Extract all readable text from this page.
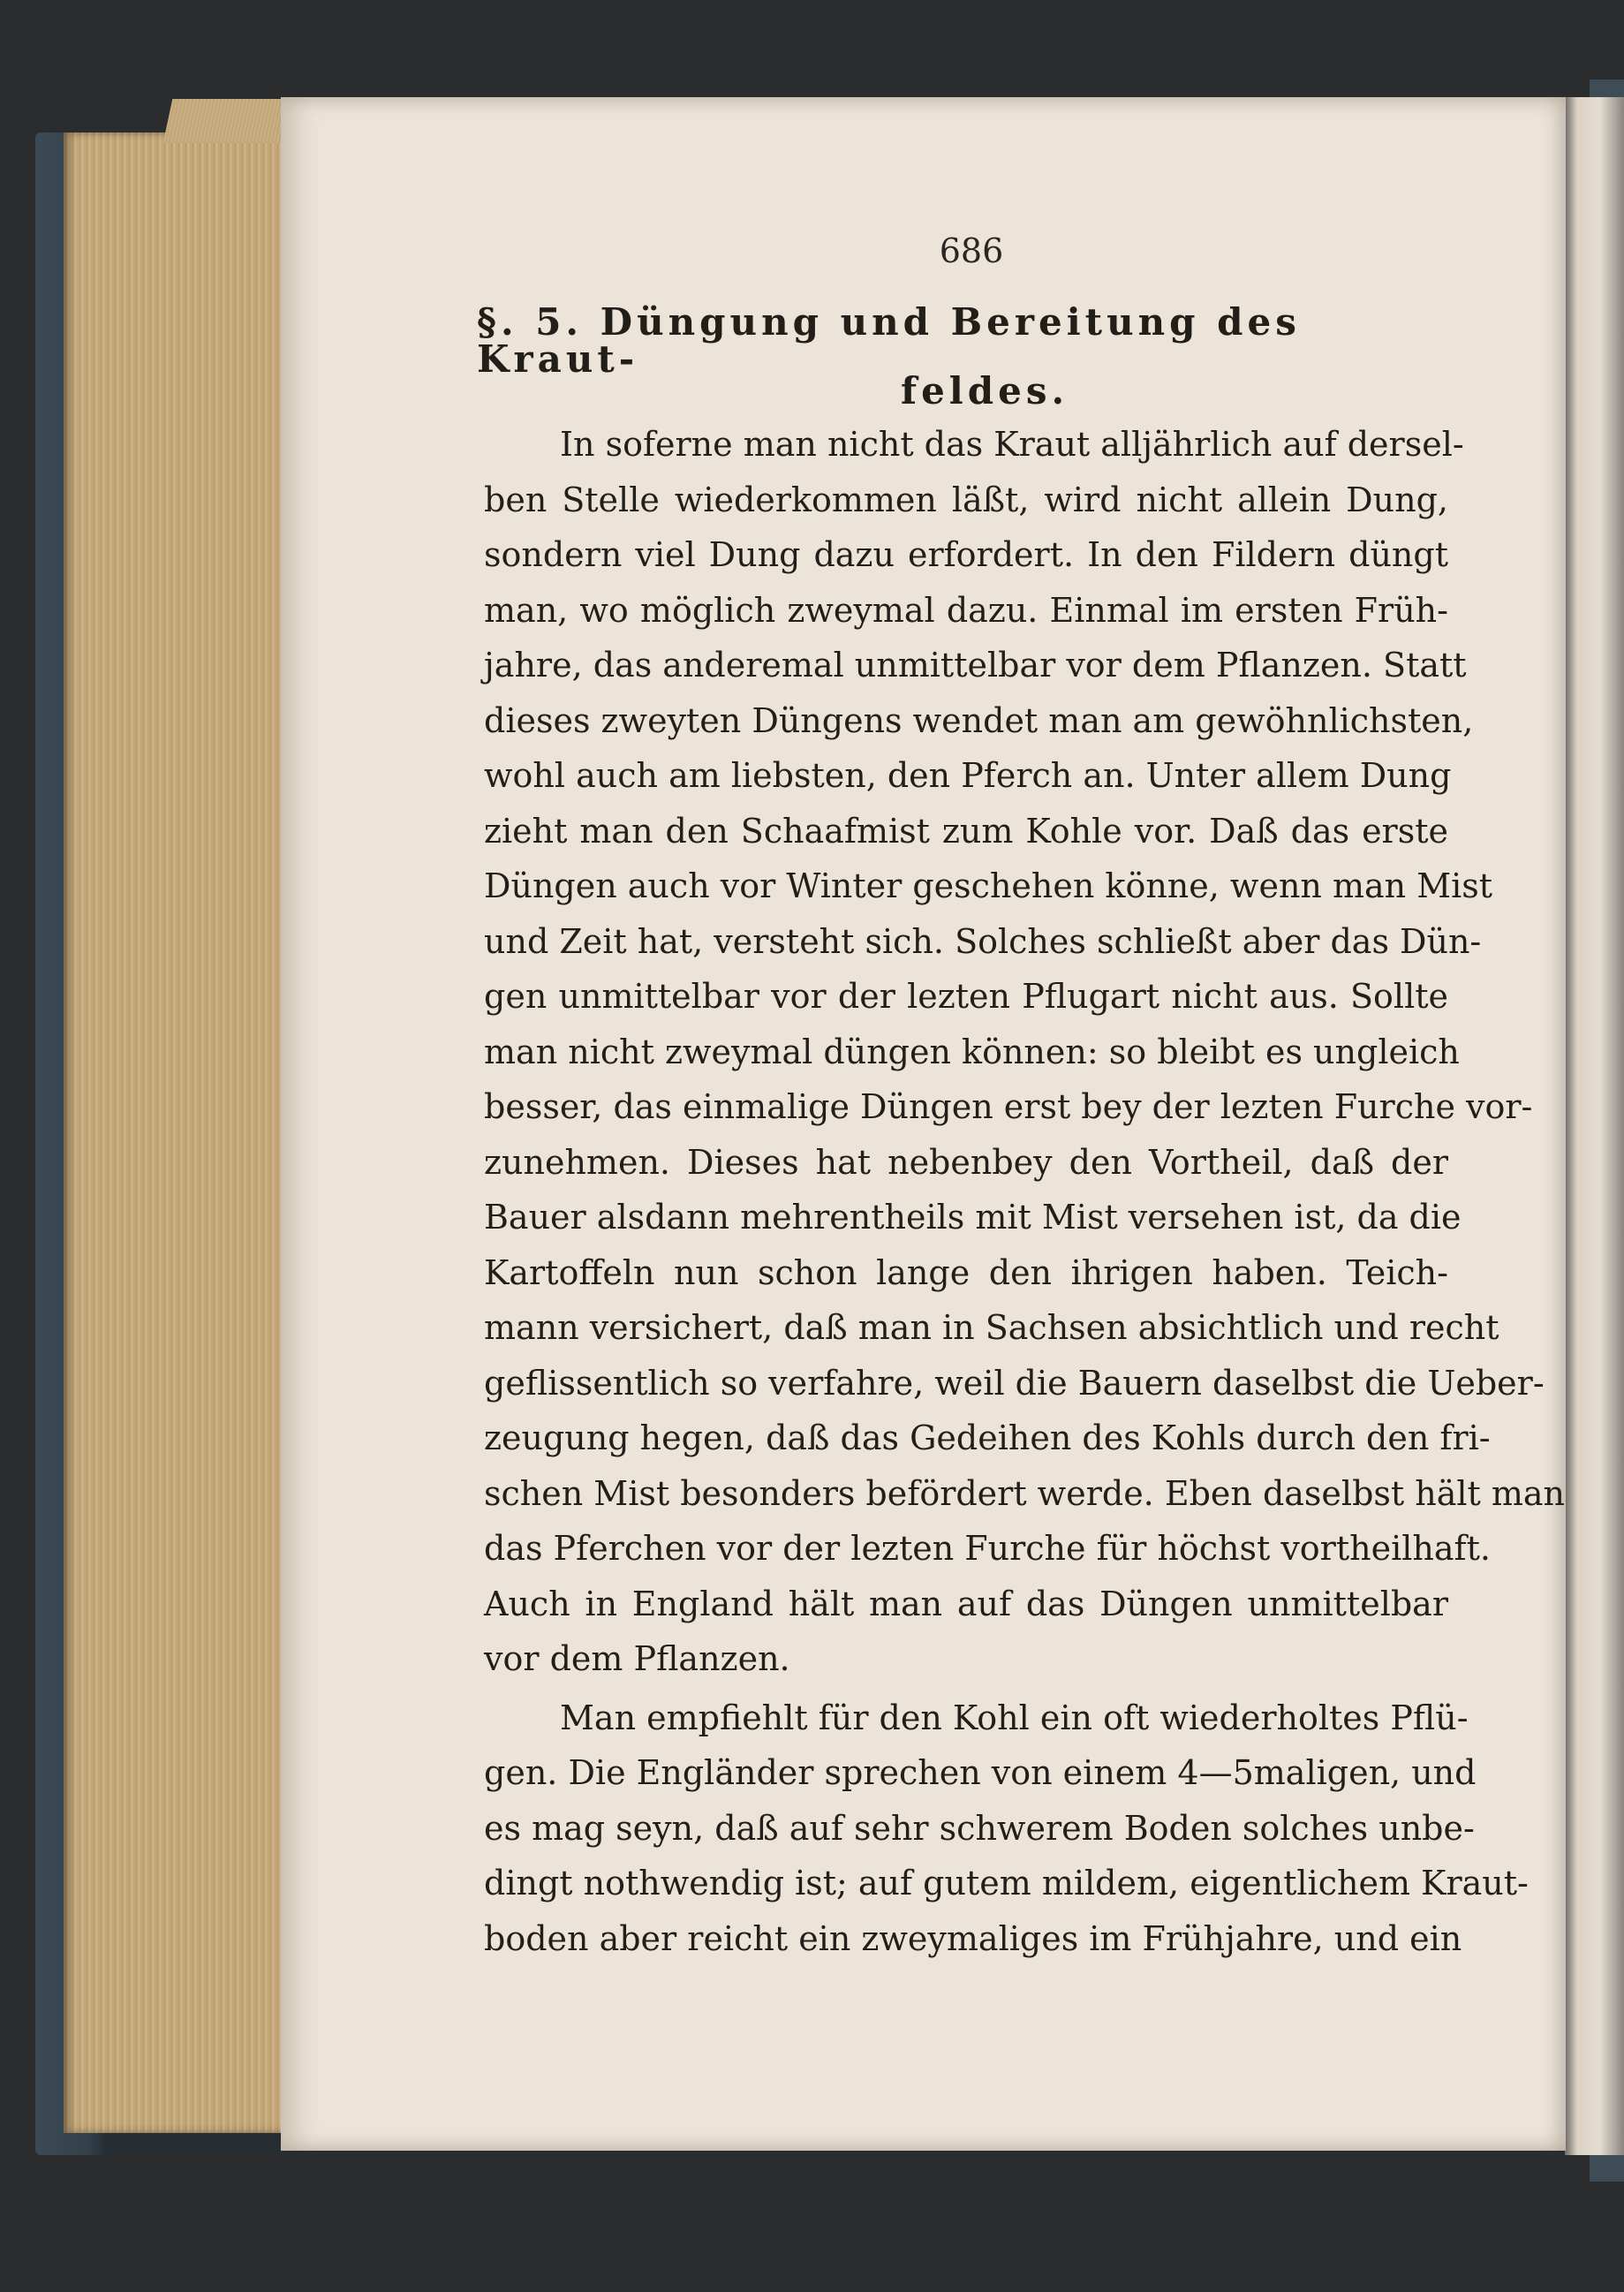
686
§. 5. Düngung und Bereitung des Kraut-
feldes.
In soferne man nicht das Kraut alljährlich auf dersel-
ben Stelle wiederkommen läßt, wird nicht allein Dung,
sondern viel Dung dazu erfordert. In den Fildern düngt
man, wo möglich zweymal dazu. Einmal im ersten Früh-
jahre, das anderemal unmittelbar vor dem Pflanzen. Statt
dieses zweyten Düngens wendet man am gewöhnlichsten,
wohl auch am liebsten, den Pferch an. Unter allem Dung
zieht man den Schaafmist zum Kohle vor. Daß das erste
Düngen auch vor Winter geschehen könne, wenn man Mist
und Zeit hat, versteht sich. Solches schließt aber das Dün-
gen unmittelbar vor der lezten Pflugart nicht aus. Sollte
man nicht zweymal düngen können: so bleibt es ungleich
besser, das einmalige Düngen erst bey der lezten Furche vor-
zunehmen. Dieses hat nebenbey den Vortheil, daß der
Bauer alsdann mehrentheils mit Mist versehen ist, da die
Kartoffeln nun schon lange den ihrigen haben. Teich-
mann versichert, daß man in Sachsen absichtlich und recht
geflissentlich so verfahre, weil die Bauern daselbst die Ueber-
zeugung hegen, daß das Gedeihen des Kohls durch den fri-
schen Mist besonders befördert werde. Eben daselbst hält man
das Pferchen vor der lezten Furche für höchst vortheilhaft.
Auch in England hält man auf das Düngen unmittelbar
vor dem Pflanzen.
Man empfiehlt für den Kohl ein oft wiederholtes Pflü-
gen. Die Engländer sprechen von einem 4—5maligen, und
es mag seyn, daß auf sehr schwerem Boden solches unbe-
dingt nothwendig ist; auf gutem mildem, eigentlichem Kraut-
boden aber reicht ein zweymaliges im Frühjahre, und ein
